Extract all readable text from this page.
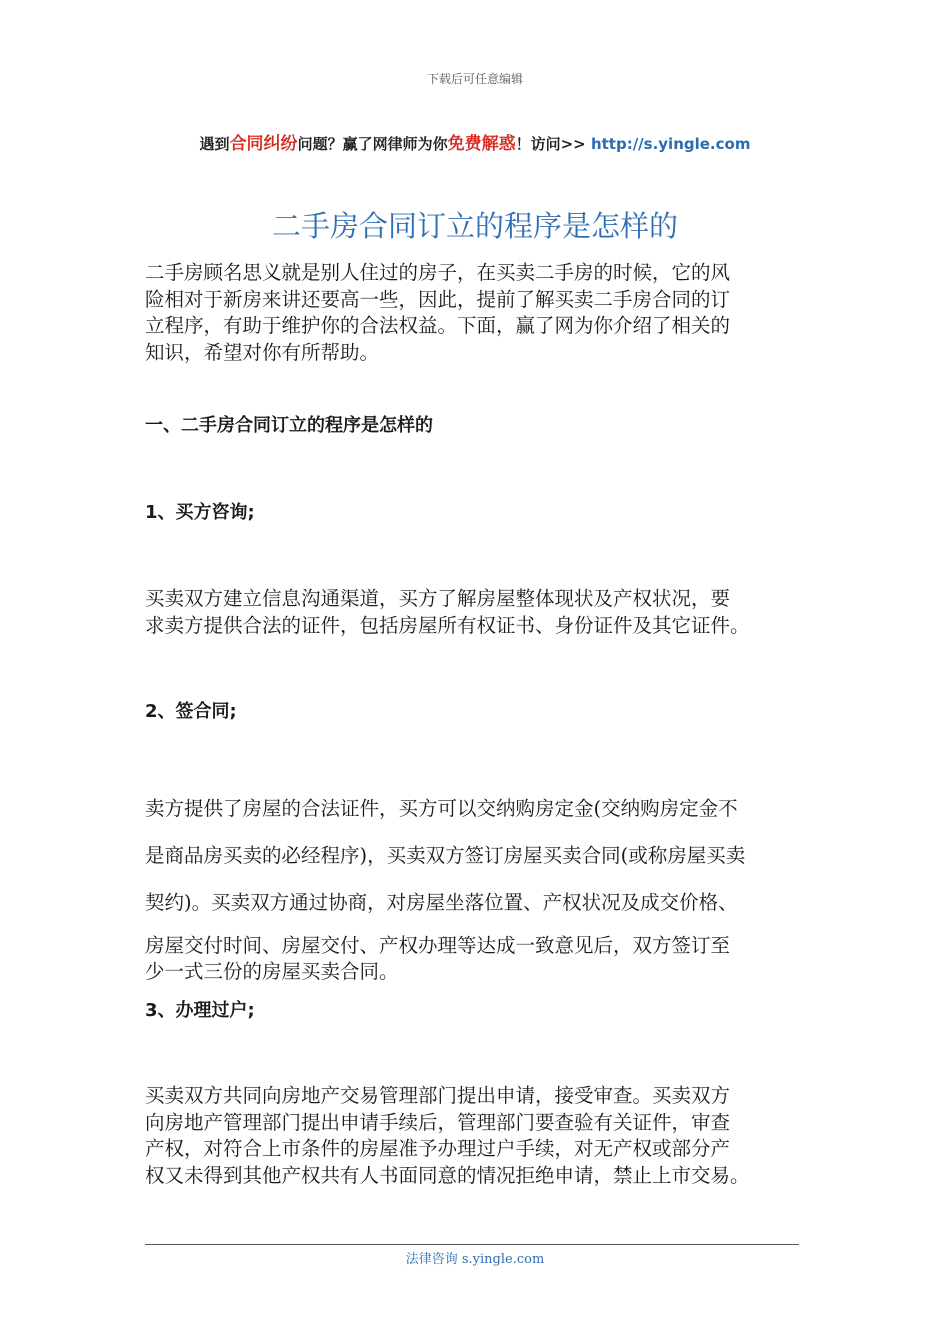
下载后可任意编辑
遇到合同纠纷问题？赢了网律师为你免费解惑！访问>> http://s.yingle.com
二手房合同订立的程序是怎样的
二手房顾名思义就是别人住过的房子，在买卖二手房的时候，它的风
险相对于新房来讲还要高一些，因此，提前了解买卖二手房合同的订
立程序，有助于维护你的合法权益。下面，赢了网为你介绍了相关的
知识，希望对你有所帮助。
一、二手房合同订立的程序是怎样的
1、买方咨询;
买卖双方建立信息沟通渠道，买方了解房屋整体现状及产权状况，要
求卖方提供合法的证件，包括房屋所有权证书、身份证件及其它证件。
2、签合同;
卖方提供了房屋的合法证件，买方可以交纳购房定金(交纳购房定金不
是商品房买卖的必经程序)，买卖双方签订房屋买卖合同(或称房屋买卖
契约)。买卖双方通过协商，对房屋坐落位置、产权状况及成交价格、
房屋交付时间、房屋交付、产权办理等达成一致意见后，双方签订至
少一式三份的房屋买卖合同。
3、办理过户;
买卖双方共同向房地产交易管理部门提出申请，接受审查。买卖双方
向房地产管理部门提出申请手续后，管理部门要查验有关证件，审查
产权，对符合上市条件的房屋准予办理过户手续，对无产权或部分产
权又未得到其他产权共有人书面同意的情况拒绝申请，禁止上市交易。
法律咨询 s.yingle.com
